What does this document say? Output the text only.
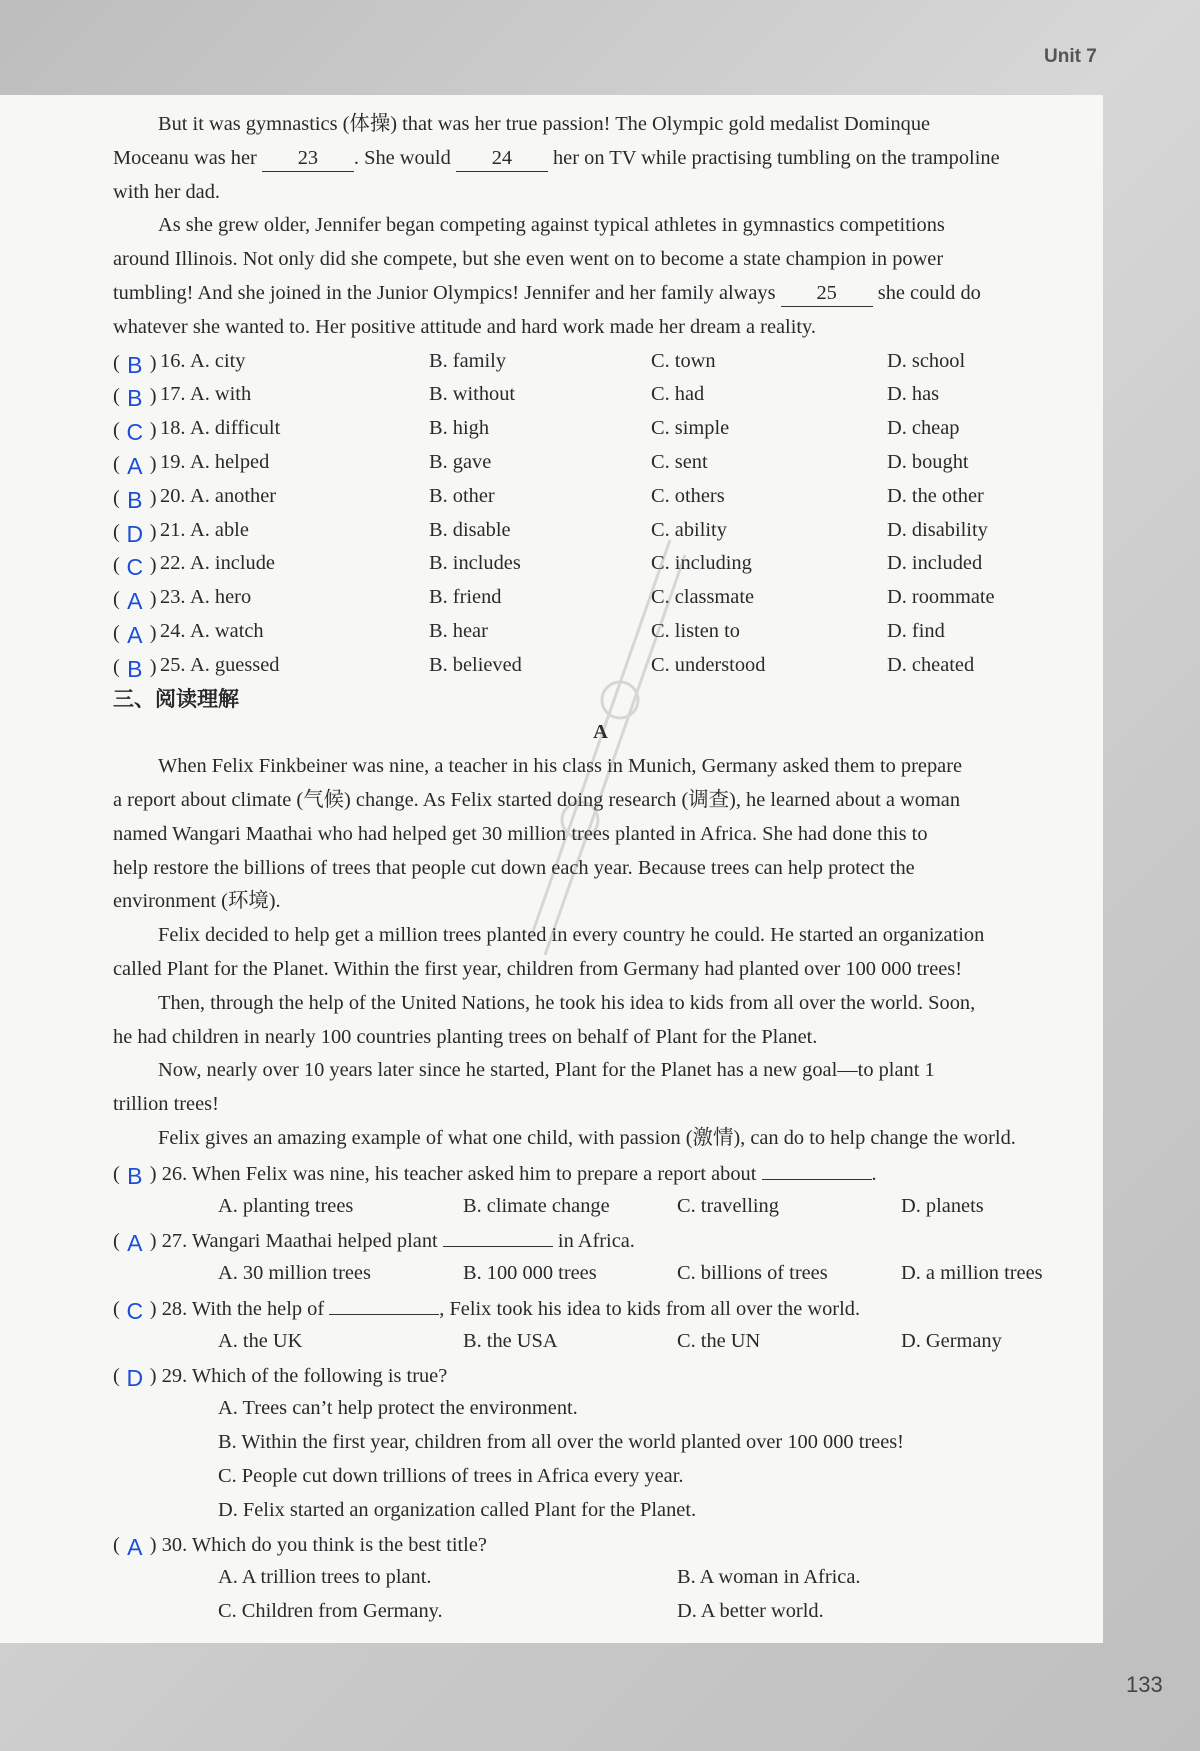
Unit 7
But it was gymnastics (体操) that was her true passion! The Olympic gold medalist Dominque
Moceanu was her 23 . She would 24 her on TV while practising tumbling on the trampoline
with her dad.
As she grew older, Jennifer began competing against typical athletes in gymnastics competitions
around Illinois. Not only did she compete, but she even went on to become a state champion in power
tumbling! And she joined in the Junior Olympics! Jennifer and her family always 25 she could do
whatever she wanted to. Her positive attitude and hard work made her dream a reality.
( B ) 16. A. city	B. family	C. town	D. school
( B ) 17. A. with	B. without	C. had	D. has
( C ) 18. A. difficult	B. high	C. simple	D. cheap
( A ) 19. A. helped	B. gave	C. sent	D. bought
( B ) 20. A. another	B. other	C. others	D. the other
( D ) 21. A. able	B. disable	C. ability	D. disability
( C ) 22. A. include	B. includes	C. including	D. included
( A ) 23. A. hero	B. friend	C. classmate	D. roommate
( A ) 24. A. watch	B. hear	C. listen to	D. find
( B ) 25. A. guessed	B. believed	C. understood	D. cheated
三、阅读理解
A
When Felix Finkbeiner was nine, a teacher in his class in Munich, Germany asked them to prepare
a report about climate (气候) change. As Felix started doing research (调查), he learned about a woman
named Wangari Maathai who had helped get 30 million trees planted in Africa. She had done this to
help restore the billions of trees that people cut down each year. Because trees can help protect the
environment (环境).
Felix decided to help get a million trees planted in every country he could. He started an organization
called Plant for the Planet. Within the first year, children from Germany had planted over 100 000 trees!
Then, through the help of the United Nations, he took his idea to kids from all over the world. Soon,
he had children in nearly 100 countries planting trees on behalf of Plant for the Planet.
Now, nearly over 10 years later since he started, Plant for the Planet has a new goal—to plant 1
trillion trees!
Felix gives an amazing example of what one child, with passion (激情), can do to help change the world.
( B ) 26. When Felix was nine, his teacher asked him to prepare a report about	.
A. planting trees	B. climate change	C. travelling	D. planets
( A ) 27. Wangari Maathai helped plant	in Africa.
A. 30 million trees	B. 100 000 trees	C. billions of trees	D. a million trees
( C ) 28. With the help of	, Felix took his idea to kids from all over the world.
A. the UK	B. the USA	C. the UN	D. Germany
( D ) 29. Which of the following is true?
A. Trees can’t help protect the environment.
B. Within the first year, children from all over the world planted over 100 000 trees!
C. People cut down trillions of trees in Africa every year.
D. Felix started an organization called Plant for the Planet.
( A ) 30. Which do you think is the best title?
A. A trillion trees to plant.	B. A woman in Africa.
C. Children from Germany.	D. A better world.
133
